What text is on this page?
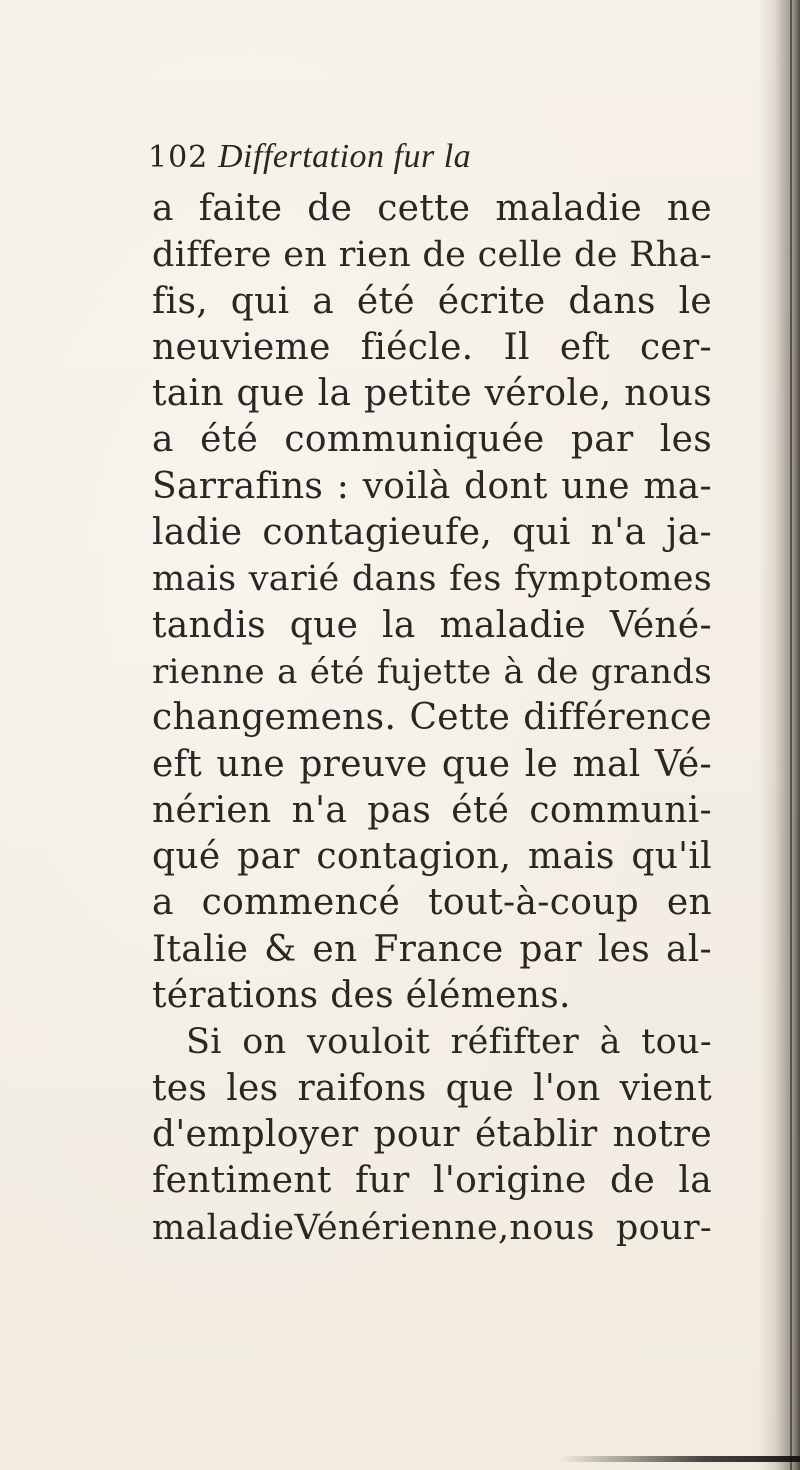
102 Differtation fur la
a faite de cette maladie ne
differe en rien de celle de Rha-
fis, qui a été écrite dans le
neuvieme fiécle. Il eft cer-
tain que la petite vérole, nous
a été communiquée par les
Sarrafins : voilà dont une ma-
ladie contagieufe, qui n'a ja-
mais varié dans fes fymptomes
tandis que la maladie Véné-
rienne a été fujette à de grands
changemens. Cette différence
eft une preuve que le mal Vé-
nérien n'a pas été communi-
qué par contagion, mais qu'il
a commencé tout-à-coup en
Italie & en France par les al-
térations des élémens.
Si on vouloit réfifter à tou-
tes les raifons que l'on vient
d'employer pour établir notre
fentiment fur l'origine de la
maladieVénérienne,nous pour-
